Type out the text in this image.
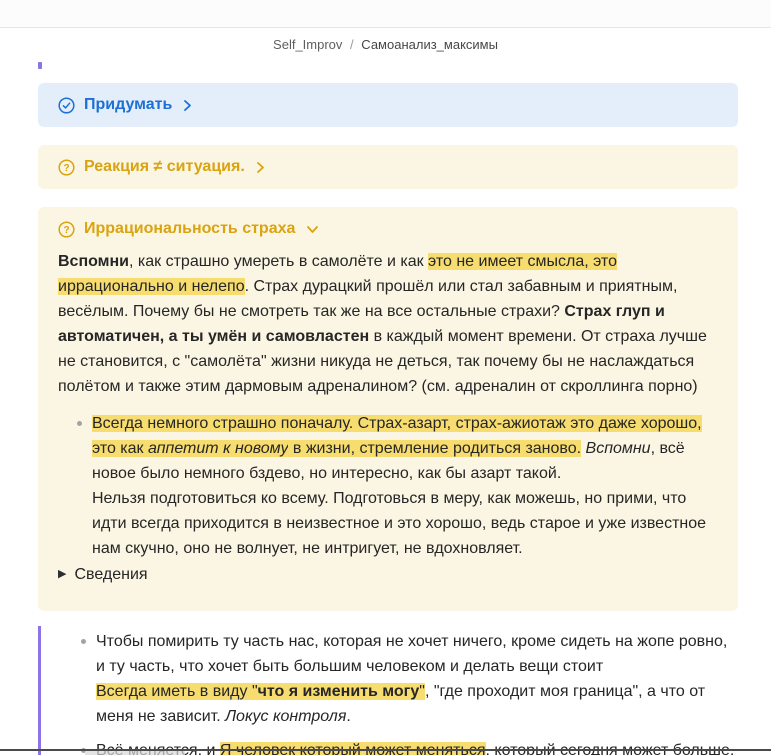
Self_Improv / Самоанализ_максимы
Придумать
? Реакция ≠ ситуация.
? Иррациональность страха
Вспомни, как страшно умереть в самолёте и как это не имеет смысла, это иррационально и нелепо. Страх дурацкий прошёл или стал забавным и приятным, весёлым. Почему бы не смотреть так же на все остальные страхи? Страх глуп и автоматичен, а ты умён и самовластен в каждый момент времени. От страха лучше не становится, с "самолёта" жизни никуда не деться, так почему бы не наслаждаться полётом и также этим дармовым адреналином? (см. адреналин от скроллинга порно)
Всегда немного страшно поначалу. Страх-азарт, страх-ажиотаж это даже хорошо, это как аппетит к новому в жизни, стремление родиться заново. Вспомни, всё новое было немного бздево, но интересно, как бы азарт такой.
Нельзя подготовиться ко всему. Подготовься в меру, как можешь, но прими, что идти всегда приходится в неизвестное и это хорошо, ведь старое и уже известное нам скучно, оно не волнует, не интригует, не вдохновляет.
▶ Сведения
Чтобы помирить ту часть нас, которая не хочет ничего, кроме сидеть на жопе ровно, и ту часть, что хочет быть большим человеком и делать вещи стоит
Всегда иметь в виду "что я изменить могу", "где проходит моя граница", а что от меня не зависит. Локус контроля.
